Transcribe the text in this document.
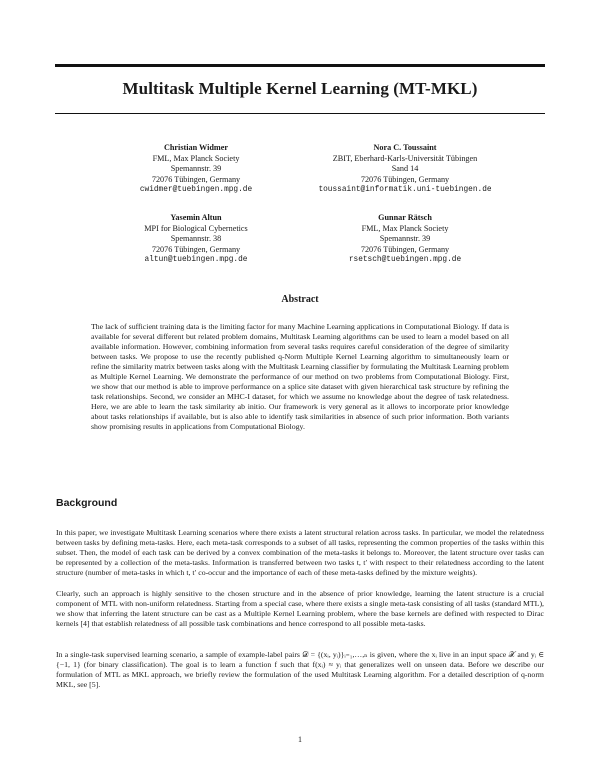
Multitask Multiple Kernel Learning (MT-MKL)
Christian Widmer
FML, Max Planck Society
Spemannstr. 39
72076 Tübingen, Germany
cwidmer@tuebingen.mpg.de
Nora C. Toussaint
ZBIT, Eberhard-Karls-Universität Tübingen
Sand 14
72076 Tübingen, Germany
toussaint@informatik.uni-tuebingen.de
Yasemin Altun
MPI for Biological Cybernetics
Spemannstr. 38
72076 Tübingen, Germany
altun@tuebingen.mpg.de
Gunnar Rätsch
FML, Max Planck Society
Spemannstr. 39
72076 Tübingen, Germany
rsetsch@tuebingen.mpg.de
Abstract

The lack of sufficient training data is the limiting factor for many Machine Learning applications in Computational Biology. If data is available for several different but related problem domains, Multitask Learning algorithms can be used to learn a model based on all available information. However, combining information from several tasks requires careful consideration of the degree of similarity between tasks. We propose to use the recently published q-Norm Multiple Kernel Learning algorithm to simultaneously learn or refine the similarity matrix between tasks along with the Multitask Learning classifier by formulating the Multitask Learning problem as Multiple Kernel Learning. We demonstrate the performance of our method on two problems from Computational Biology. First, we show that our method is able to improve performance on a splice site dataset with given hierarchical task structure by refining the task relationships. Second, we consider an MHC-I dataset, for which we assume no knowledge about the degree of task relatedness. Here, we are able to learn the task similarity ab initio. Our framework is very general as it allows to incorporate prior knowledge about tasks relationships if available, but is also able to identify task similarities in absence of such prior information. Both variants show promising results in applications from Computational Biology.

Background

In this paper, we investigate Multitask Learning scenarios where there exists a latent structural relation across tasks. In particular, we model the relatedness between tasks by defining meta-tasks. Here, each meta-task corresponds to a subset of all tasks, representing the common properties of the tasks within this subset. Then, the model of each task can be derived by a convex combination of the meta-tasks it belongs to. Moreover, the latent structure over tasks can be represented by a collection of the meta-tasks. Information is transferred between two tasks t, t′ with respect to their relatedness according to the latent structure (number of meta-tasks in which t, t′ co-occur and the importance of each of these meta-tasks defined by the mixture weights).

Clearly, such an approach is highly sensitive to the chosen structure and in the absence of prior knowledge, learning the latent structure is a crucial component of MTL with non-uniform relatedness. Starting from a special case, where there exists a single meta-task consisting of all tasks (standard MTL), we show that inferring the latent structure can be cast as a Multiple Kernel Learning problem, where the base kernels are defined with respected to Dirac kernels [4] that establish relatedness of all possible task combinations and hence correspond to all possible meta-tasks.

In a single-task supervised learning scenario, a sample of example-label pairs 𝒟 = {(xᵢ, yᵢ)}ᵢ₌₁,…,ₙ is given, where the xᵢ live in an input space 𝒳 and yᵢ ∈ {−1, 1} (for binary classification). The goal is to learn a function f such that f(xᵢ) ≈ yᵢ that generalizes well on unseen data. Before we describe our formulation of MTL as MKL approach, we briefly review the formulation of the used Multitask Learning algorithm. For a detailed description of q-norm MKL, see [5].

1
